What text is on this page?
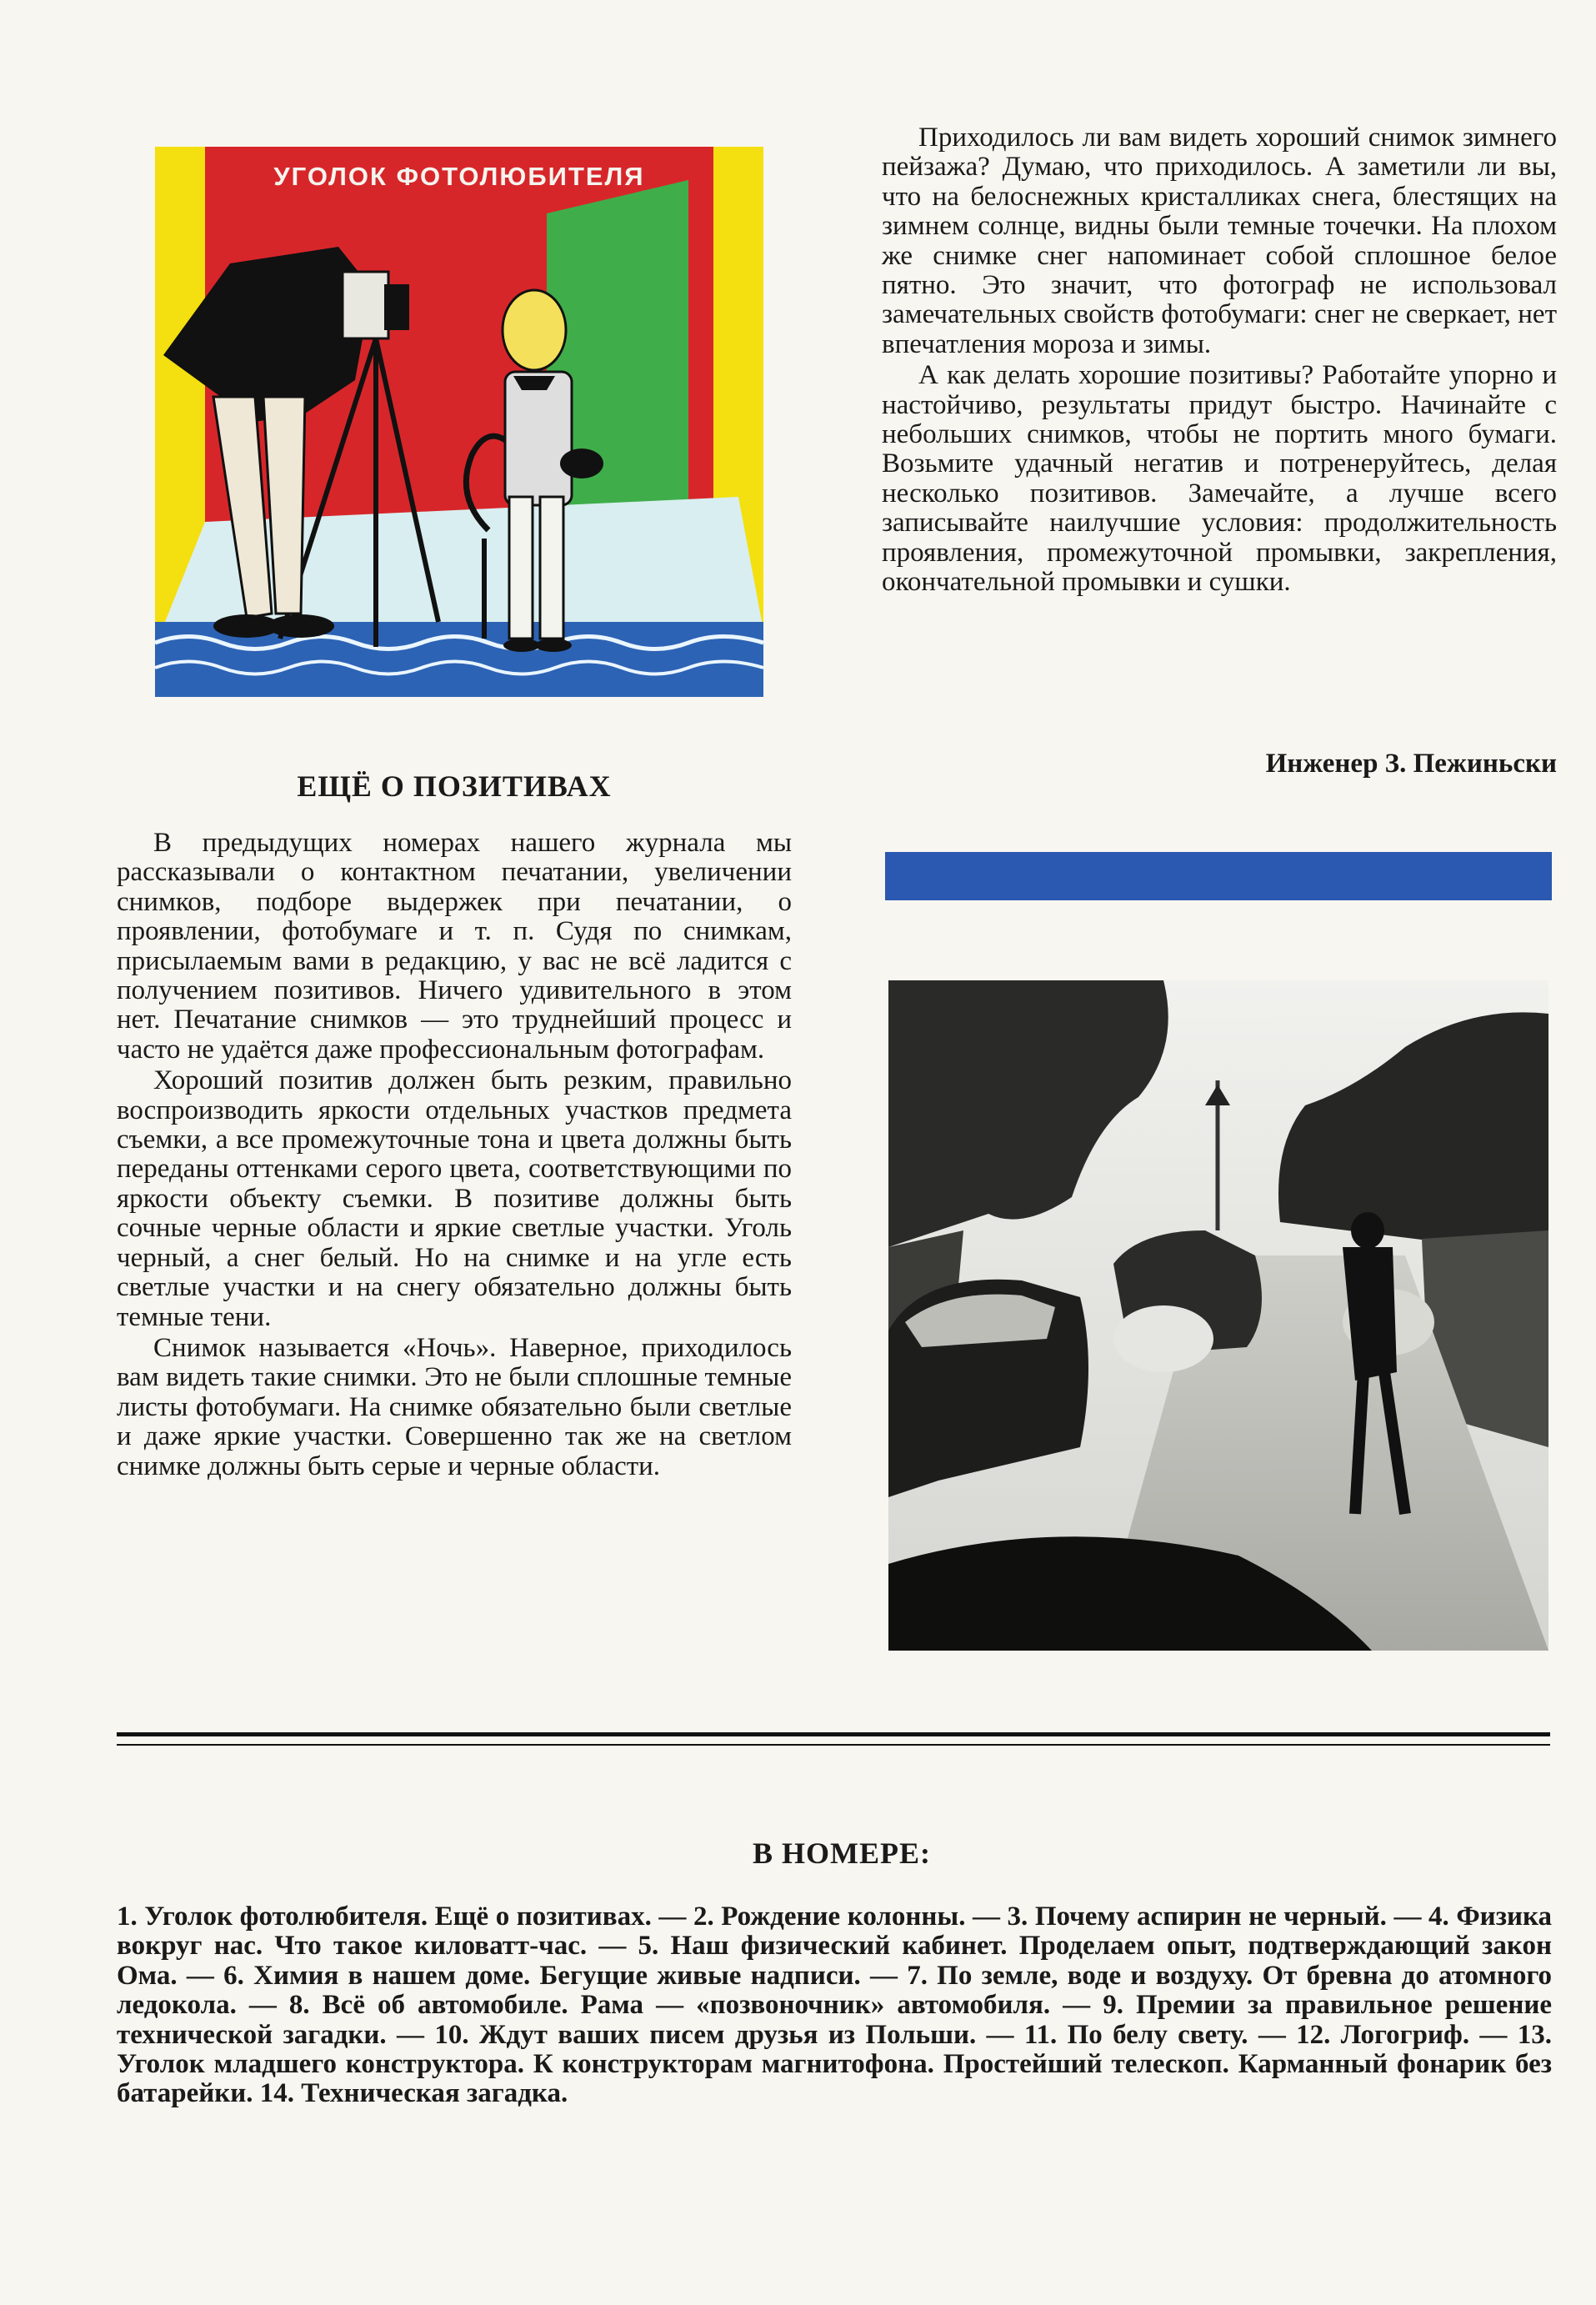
УГОЛОК ФОТОЛЮБИТЕЛЯ

Приходилось ли вам видеть хороший снимок зимнего пейзажа? Думаю, что приходилось. А заметили ли вы, что на белоснежных кристалликах снега, блестящих на зимнем солнце, видны были темные точечки. На плохом же снимке снег напоминает собой сплошное белое пятно. Это значит, что фотограф не использовал замечательных свойств фотобумаги: снег не сверкает, нет впечатления мороза и зимы.

А как делать хорошие позитивы? Работайте упорно и настойчиво, результаты придут быстро. Начинайте с небольших снимков, чтобы не портить много бумаги. Возьмите удачный негатив и потренеруйтесь, делая несколько позитивов. Замечайте, а лучше всего записывайте наилучшие условия: продолжительность проявления, промежуточной промывки, закрепления, окончательной промывки и сушки.

Инженер З. Пежиньски
ЕЩЁ О ПОЗИТИВАХ

В предыдущих номерах нашего журнала мы рассказывали о контактном печатании, увеличении снимков, подборе выдержек при печатании, о проявлении, фотобумаге и т. п. Судя по снимкам, присылаемым вами в редакцию, у вас не всё ладится с получением позитивов. Ничего удивительного в этом нет. Печатание снимков — это труднейший процесс и часто не удаётся даже профессиональным фотографам.

Хороший позитив должен быть резким, правильно воспроизводить яркости отдельных участков предмета съемки, а все промежуточные тона и цвета должны быть переданы оттенками серого цвета, соответствующими по яркости объекту съемки. В позитиве должны быть сочные черные области и яркие светлые участки. Уголь черный, а снег белый. Но на снимке и на угле есть светлые участки и на снегу обязательно должны быть темные тени.

Снимок называется «Ночь». Наверное, приходилось вам видеть такие снимки. Это не были сплошные темные листы фотобумаги. На снимке обязательно были светлые и даже яркие участки. Совершенно так же на светлом снимке должны быть серые и черные области.

В НОМЕРЕ:

1. Уголок фотолюбителя. Ещё о позитивах. — 2. Рождение колонны. — 3. Почему аспирин не черный. — 4. Физика вокруг нас. Что такое киловатт-час. — 5. Наш физический кабинет. Проделаем опыт, подтверждающий закон Ома. — 6. Химия в нашем доме. Бегущие живые надписи. — 7. По земле, воде и воздуху. От бревна до атомного ледокола. — 8. Всё об автомобиле. Рама — «позвоночник» автомобиля. — 9. Премии за правильное решение технической загадки. — 10. Ждут ваших писем друзья из Польши. — 11. По белу свету. — 12. Логогриф. — 13. Уголок младшего конструктора. К конструкторам магнитофона. Простейший телескоп. Карманный фонарик без батарейки. 14. Техническая загадка.
